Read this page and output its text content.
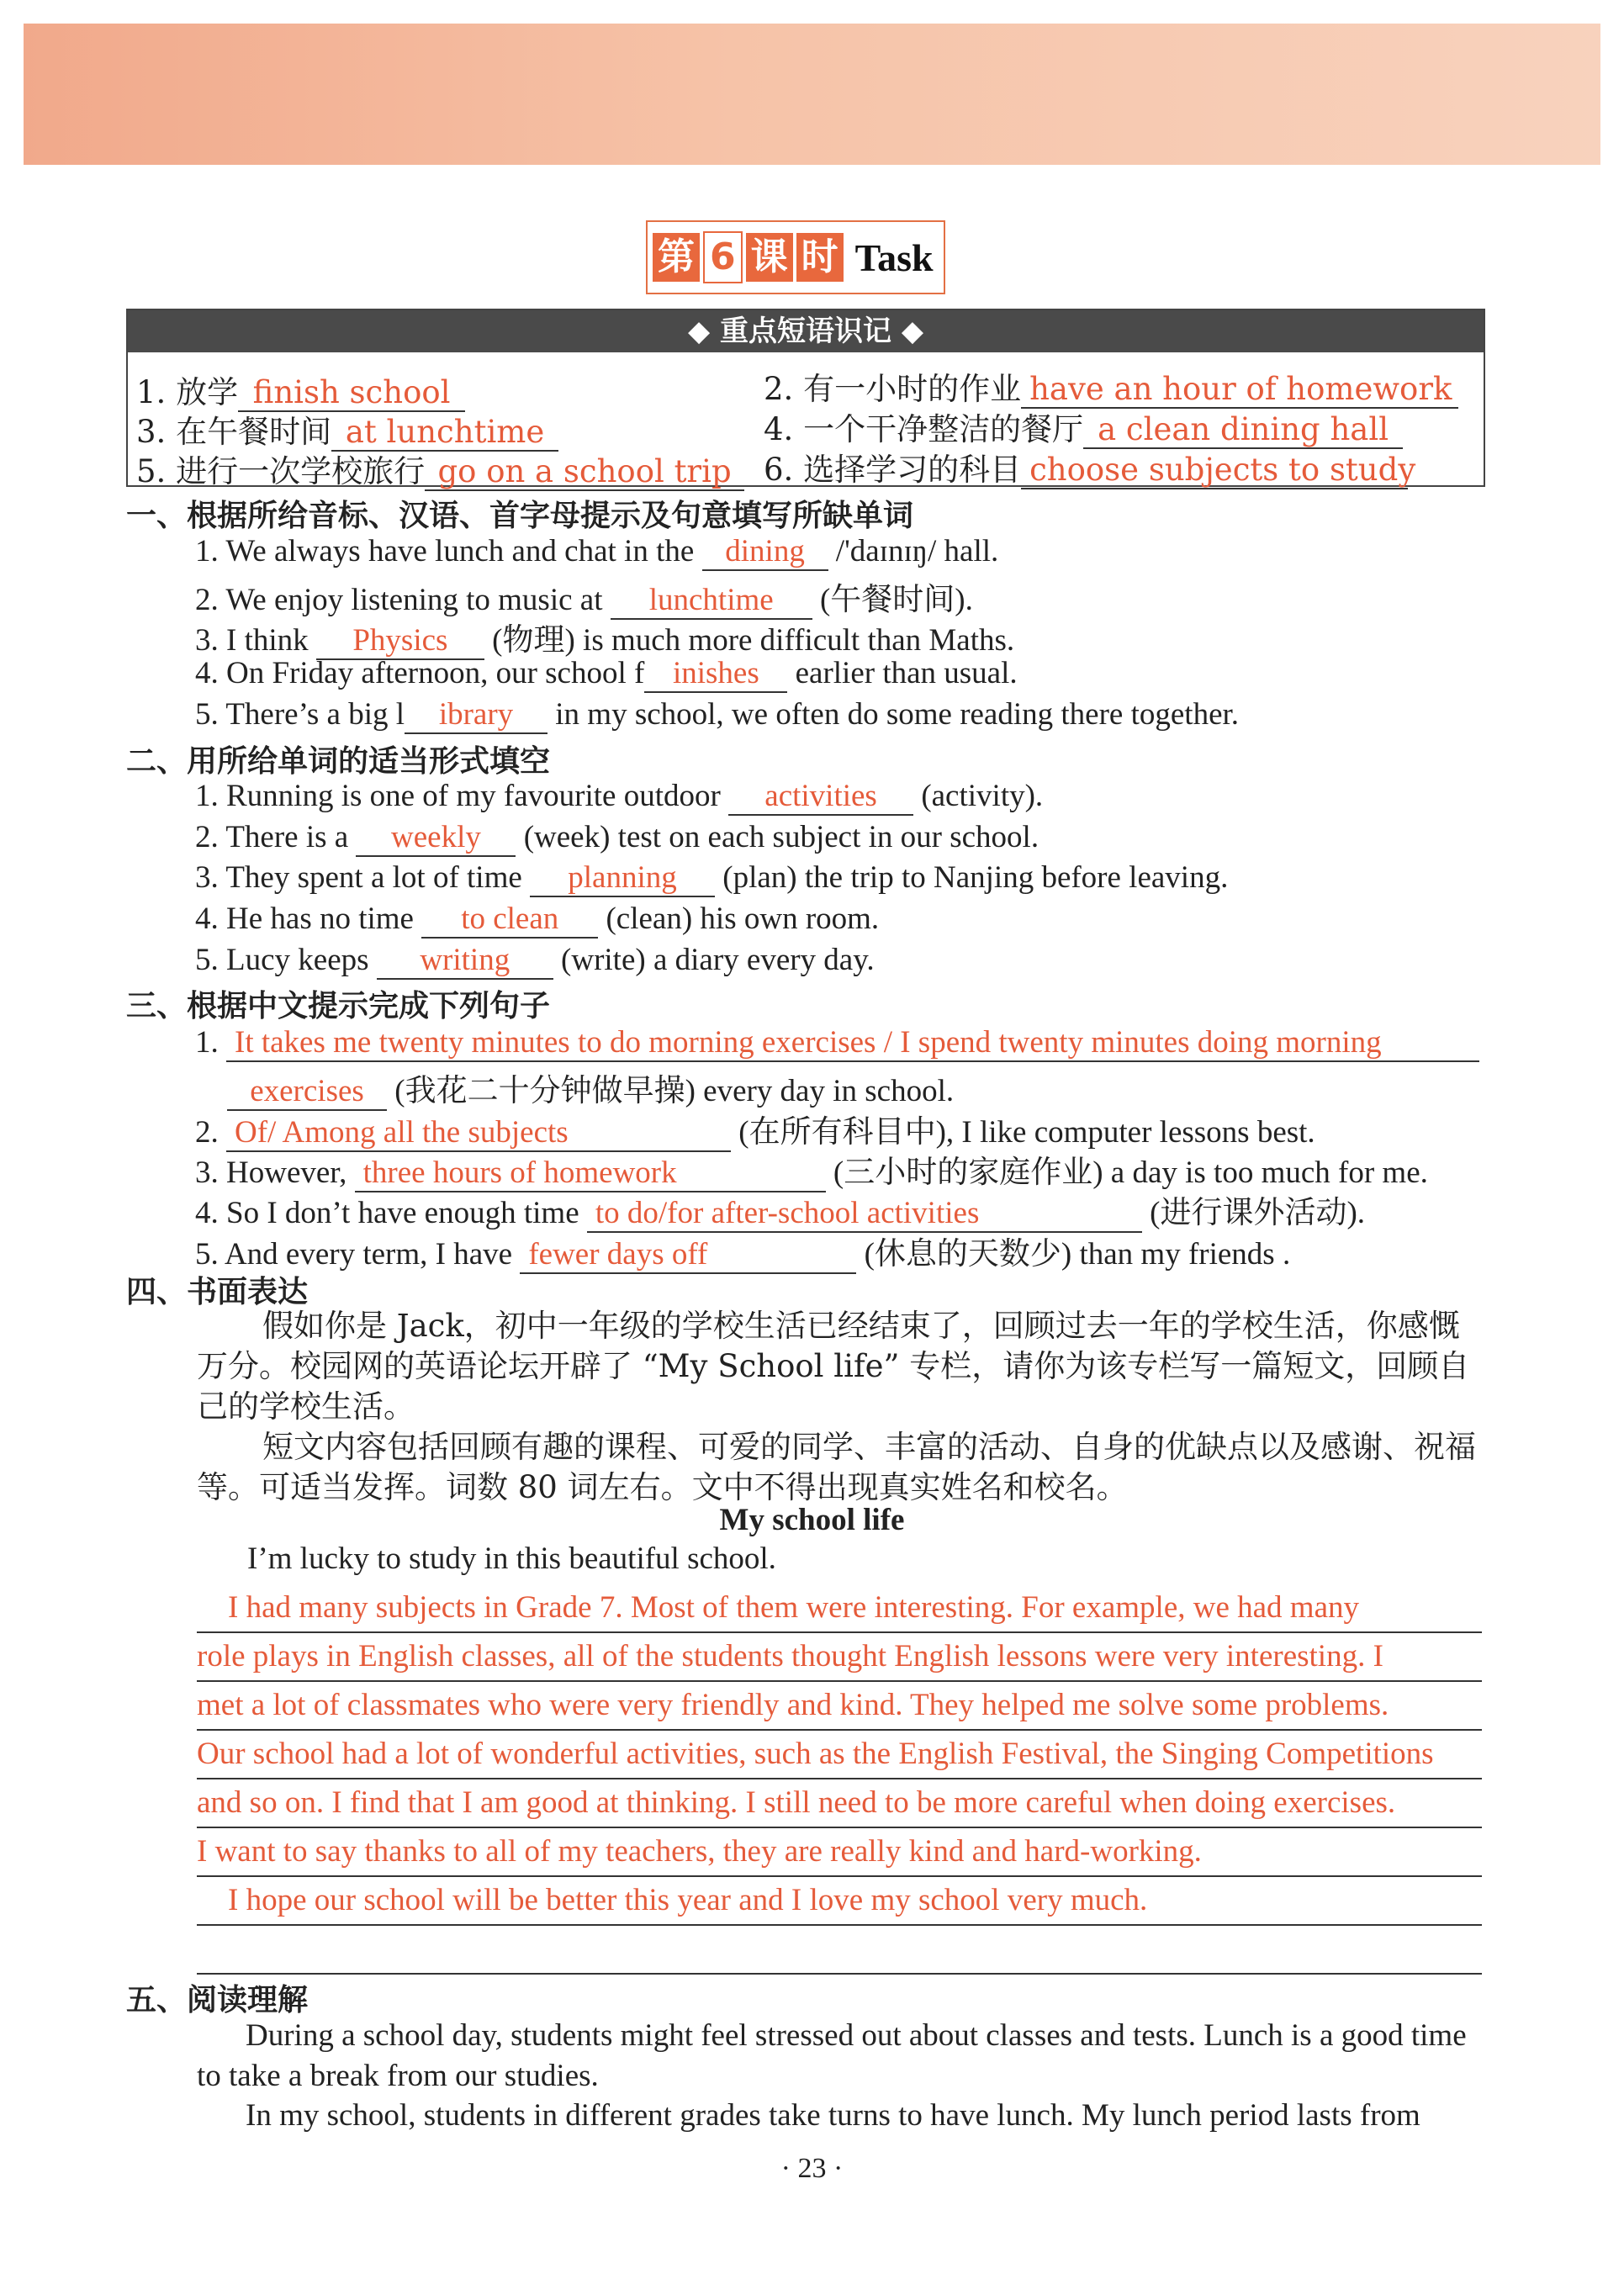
第 6 课 时 Task
◆ 重点短语识记 ◆
1. 放学 finish school	2. 有一小时的作业 have an hour of homework
3. 在午餐时间 at lunchtime	4. 一个干净整洁的餐厅 a clean dining hall
5. 进行一次学校旅行 go on a school trip	6. 选择学习的科目 choose subjects to study
一、根据所给音标、汉语、首字母提示及句意填写所缺单词
1. We always have lunch and chat in the dining /'daɪnɪŋ/ hall.
2. We enjoy listening to music at lunchtime (午餐时间).
3. I think Physics (物理) is much more difficult than Maths.
4. On Friday afternoon, our school f inishes earlier than usual.
5. There’s a big l ibrary in my school, we often do some reading there together.
二、用所给单词的适当形式填空
1. Running is one of my favourite outdoor activities (activity).
2. There is a weekly (week) test on each subject in our school.
3. They spent a lot of time planning (plan) the trip to Nanjing before leaving.
4. He has no time to clean (clean) his own room.
5. Lucy keeps writing (write) a diary every day.
三、根据中文提示完成下列句子
1. It takes me twenty minutes to do morning exercises / I spend twenty minutes doing morning
exercises (我花二十分钟做早操) every day in school.
2. Of/ Among all the subjects	(在所有科目中), I like computer lessons best.
3. However, three hours of homework	(三小时的家庭作业) a day is too much for me.
4. So I don’t have enough time to do/for after-school activities	(进行课外活动).
5. And every term, I have fewer days off	(休息的天数少) than my friends .
四、书面表达
假如你是 Jack，初中一年级的学校生活已经结束了，回顾过去一年的学校生活，你感慨万分。校园网的英语论坛开辟了 “My School life” 专栏，请你为该专栏写一篇短文，回顾自己的学校生活。
短文内容包括回顾有趣的课程、可爱的同学、丰富的活动、自身的优缺点以及感谢、祝福等。可适当发挥。词数 80 词左右。文中不得出现真实姓名和校名。
My school life
I’m lucky to study in this beautiful school.
I had many subjects in Grade 7. Most of them were interesting. For example, we had many
role plays in English classes, all of the students thought English lessons were very interesting. I
met a lot of classmates who were very friendly and kind. They helped me solve some problems.
Our school had a lot of wonderful activities, such as the English Festival, the Singing Competitions
and so on. I find that I am good at thinking. I still need to be more careful when doing exercises.
I want to say thanks to all of my teachers, they are really kind and hard-working.
I hope our school will be better this year and I love my school very much.
五、阅读理解
During a school day, students might feel stressed out about classes and tests. Lunch is a good time to take a break from our studies.
In my school, students in different grades take turns to have lunch. My lunch period lasts from
· 23 ·
